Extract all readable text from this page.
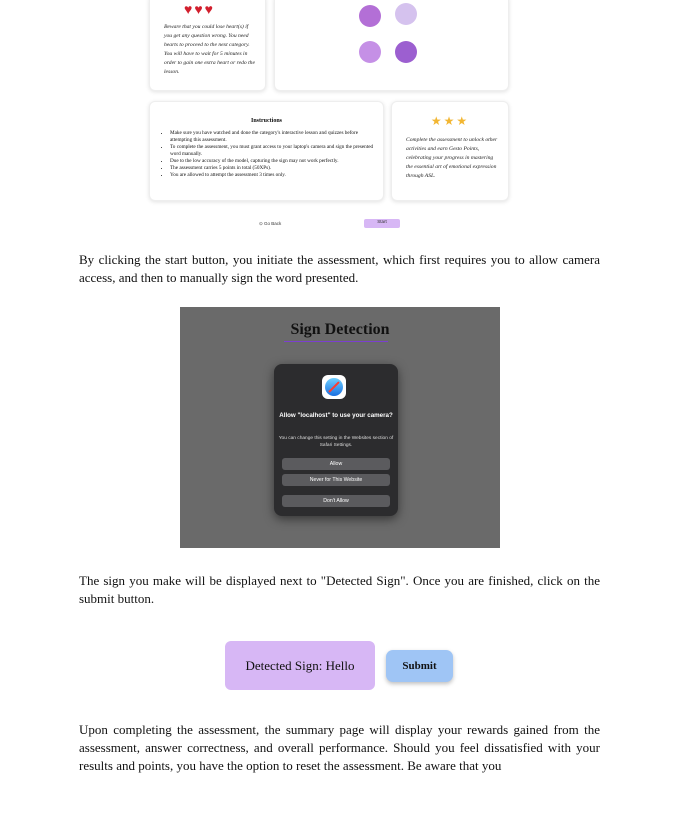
♥♥♥
Beware that you could lose heart(s) if you get any question wrong. You need hearts to proceed to the next category. You will have to wait for 5 minutes in order to gain one extra heart or redo the lesson.
Instructions
• Make sure you have watched and done the category's interactive lesson and quizzes before attempting this assessment.
• To complete the assessment, you must grant access to your laptop's camera and sign the presented word manually.
• Due to the low accuracy of the model, capturing the sign may not work perfectly.
• The assessment carries 5 points in total (50XPs).
• You are allowed to attempt the assessment 3 times only.
★★★
Complete the assessment to unlock other activities and earn Gesto Points, celebrating your progress in mastering the essential art of emotional expression through ASL.
⊙ Go Back	Start
By clicking the start button, you initiate the assessment, which first requires you to allow camera access, and then to manually sign the word presented.
Sign Detection
Allow "localhost" to use your camera?
You can change this setting in the Websites section of Safari Settings.
Allow
Never for This Website
Don't Allow
The sign you make will be displayed next to "Detected Sign". Once you are finished, click on the submit button.
Detected Sign: Hello	Submit
Upon completing the assessment, the summary page will display your rewards gained from the assessment, answer correctness, and overall performance. Should you feel dissatisfied with your results and points, you have the option to reset the assessment. Be aware that you
